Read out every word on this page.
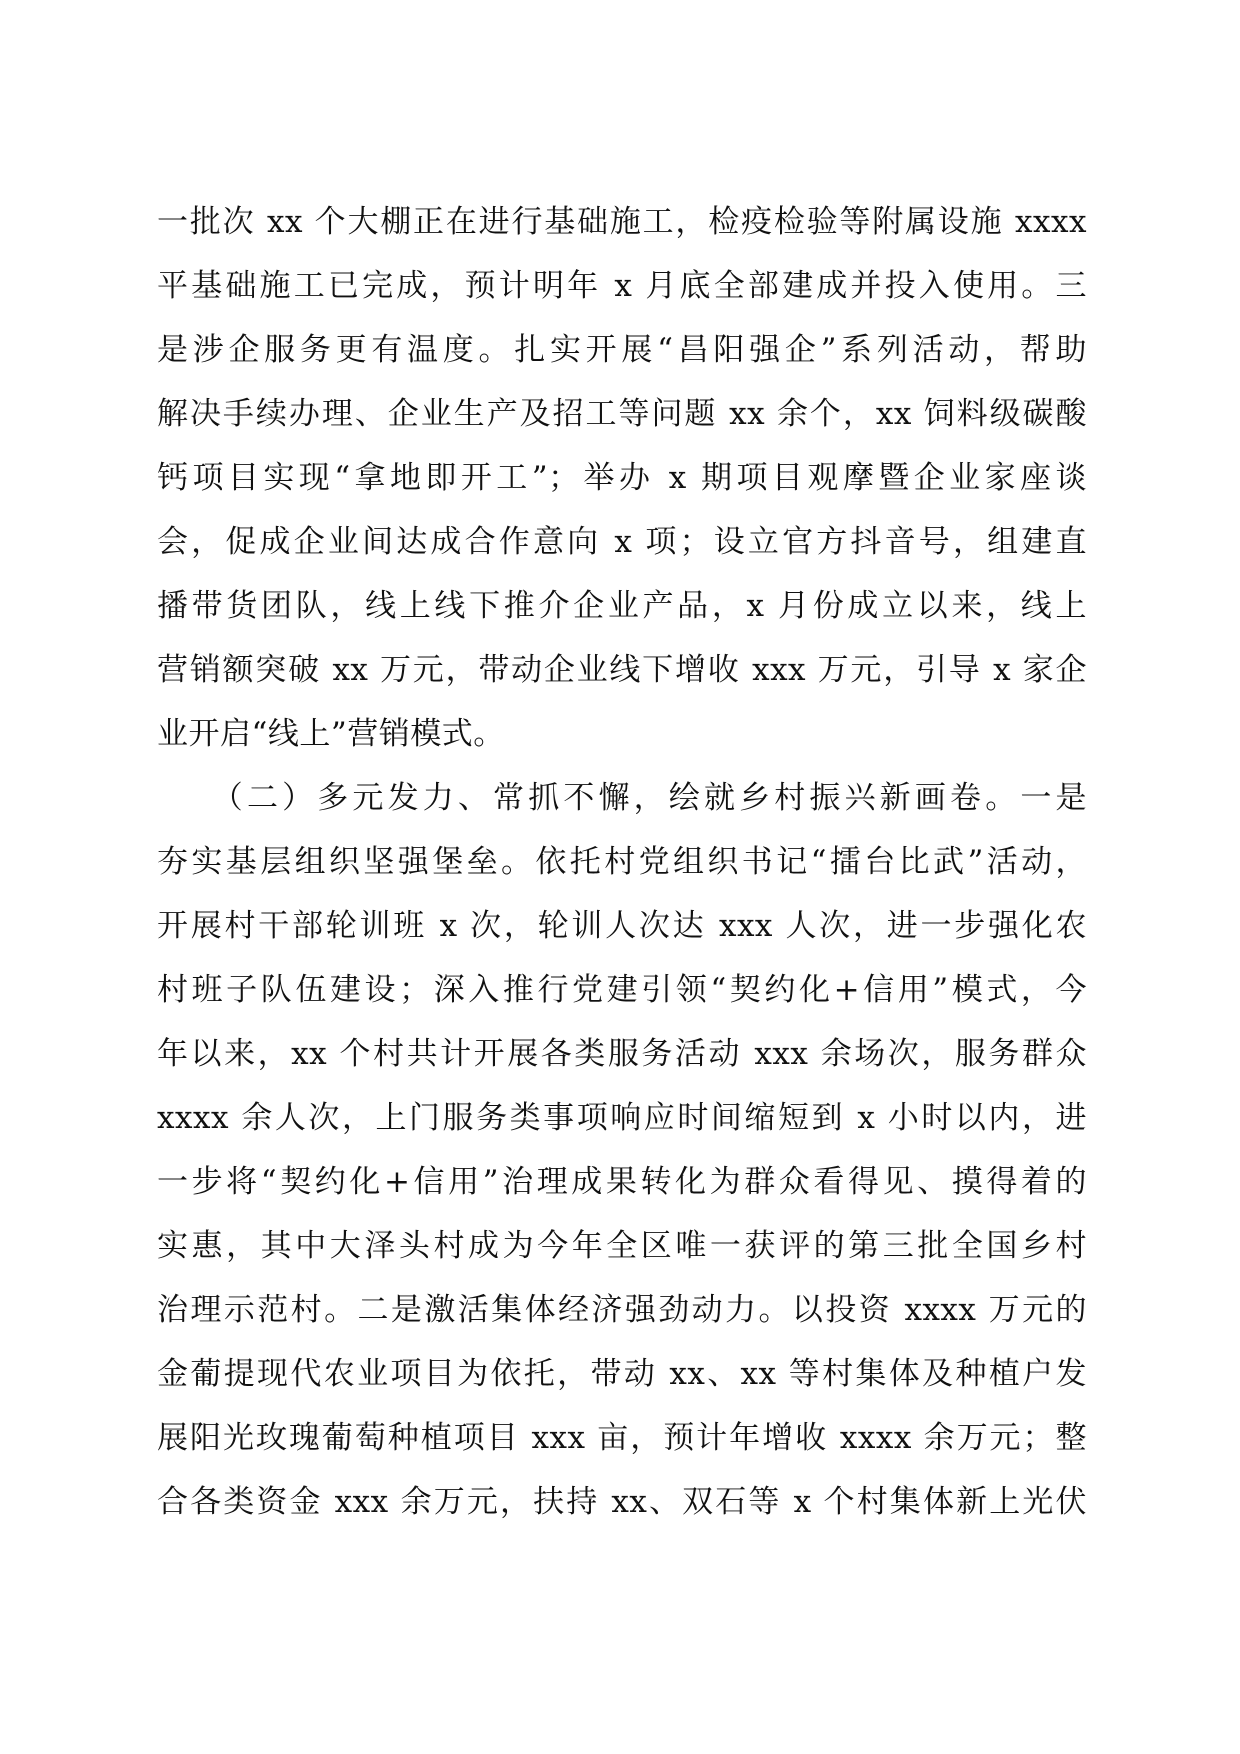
一批次 xx 个大棚正在进行基础施工，检疫检验等附属设施 xxxx
平基础施工已完成，预计明年 x 月底全部建成并投入使用。三
是涉企服务更有温度。扎实开展“昌阳强企”系列活动，帮助
解决手续办理、企业生产及招工等问题 xx 余个，xx 饲料级碳酸
钙项目实现“拿地即开工”；举办 x 期项目观摩暨企业家座谈
会，促成企业间达成合作意向 x 项；设立官方抖音号，组建直
播带货团队，线上线下推介企业产品，x 月份成立以来，线上
营销额突破 xx 万元，带动企业线下增收 xxx 万元，引导 x 家企
业开启“线上”营销模式。
　　（二）多元发力、常抓不懈，绘就乡村振兴新画卷。一是
夯实基层组织坚强堡垒。依托村党组织书记“擂台比武”活动，
开展村干部轮训班 x 次，轮训人次达 xxx 人次，进一步强化农
村班子队伍建设；深入推行党建引领“契约化+信用”模式，今
年以来，xx 个村共计开展各类服务活动 xxx 余场次，服务群众
xxxx 余人次，上门服务类事项响应时间缩短到 x 小时以内，进
一步将“契约化+信用”治理成果转化为群众看得见、摸得着的
实惠，其中大泽头村成为今年全区唯一获评的第三批全国乡村
治理示范村。二是激活集体经济强劲动力。以投资 xxxx 万元的
金葡提现代农业项目为依托，带动 xx、xx 等村集体及种植户发
展阳光玫瑰葡萄种植项目 xxx 亩，预计年增收 xxxx 余万元；整
合各类资金 xxx 余万元，扶持 xx、双石等 x 个村集体新上光伏
